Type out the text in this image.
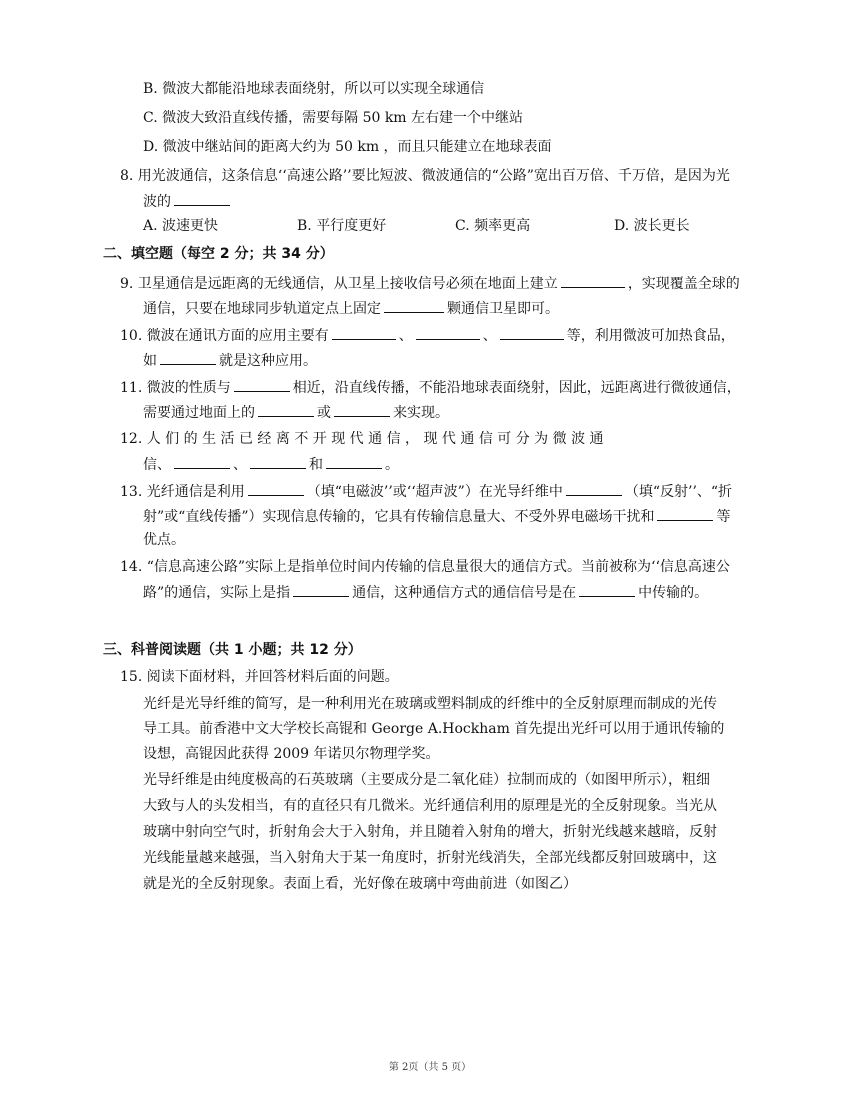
B. 微波大都能沿地球表面绕射，所以可以实现全球通信
C. 微波大致沿直线传播，需要每隔 50 km 左右建一个中继站
D. 微波中继站间的距离大约为 50 km ，而且只能建立在地球表面
8. 用光波通信，这条信息‘‘高速公路’’要比短波、微波通信的“公路”宽出百万倍、千万倍，是因为光
波的
A. 波速更快	B. 平行度更好	C. 频率更高	D. 波长更长
二、填空题（每空 2 分；共 34 分）
9. 卫星通信是远距离的无线通信，从卫星上接收信号必须在地面上建立	，实现覆盖全球的
通信，只要在地球同步轨道定点上固定	颗通信卫星即可。
10. 微波在通讯方面的应用主要有	、	、	等，利用微波可加热食品，
如	就是这种应用。
11. 微波的性质与	相近，沿直线传播，不能沿地球表面绕射，因此，远距离进行微彼通信，
需要通过地面上的	或	来实现。
12. 人 们 的 生 活 已 经 离 不 开 现 代 通 信 ， 现 代 通 信 可 分 为 微 波 通
信、	、	和	。
13. 光纤通信是利用	（填“电磁波’’或‘‘超声波”）在光导纤维中	（填“反射’’、“折
射”或“直线传播”）实现信息传输的，它具有传输信息量大、不受外界电磁场干扰和	等
优点。
14. “信息高速公路”实际上是指单位时间内传输的信息量很大的通信方式。当前被称为‘‘信息高速公
路”的通信，实际上是指	通信，这种通信方式的通信信号是在	中传输的。
三、科普阅读题（共 1 小题；共 12 分）
15. 阅读下面材料，并回答材料后面的问题。
光纤是光导纤维的简写，是一种利用光在玻璃或塑料制成的纤维中的全反射原理而制成的光传
导工具。前香港中文大学校长高锟和 George A.Hockham 首先提出光纤可以用于通讯传输的
设想，高锟因此获得 2009 年诺贝尔物理学奖。
光导纤维是由纯度极高的石英玻璃（主要成分是二氧化硅）拉制而成的（如图甲所示），粗细
大致与人的头发相当，有的直径只有几微米。光纤通信利用的原理是光的全反射现象。当光从
玻璃中射向空气时，折射角会大于入射角，并且随着入射角的增大，折射光线越来越暗，反射
光线能量越来越强，当入射角大于某一角度时，折射光线消失，全部光线都反射回玻璃中，这
就是光的全反射现象。表面上看，光好像在玻璃中弯曲前进（如图乙）
第 2页（共 5 页）
